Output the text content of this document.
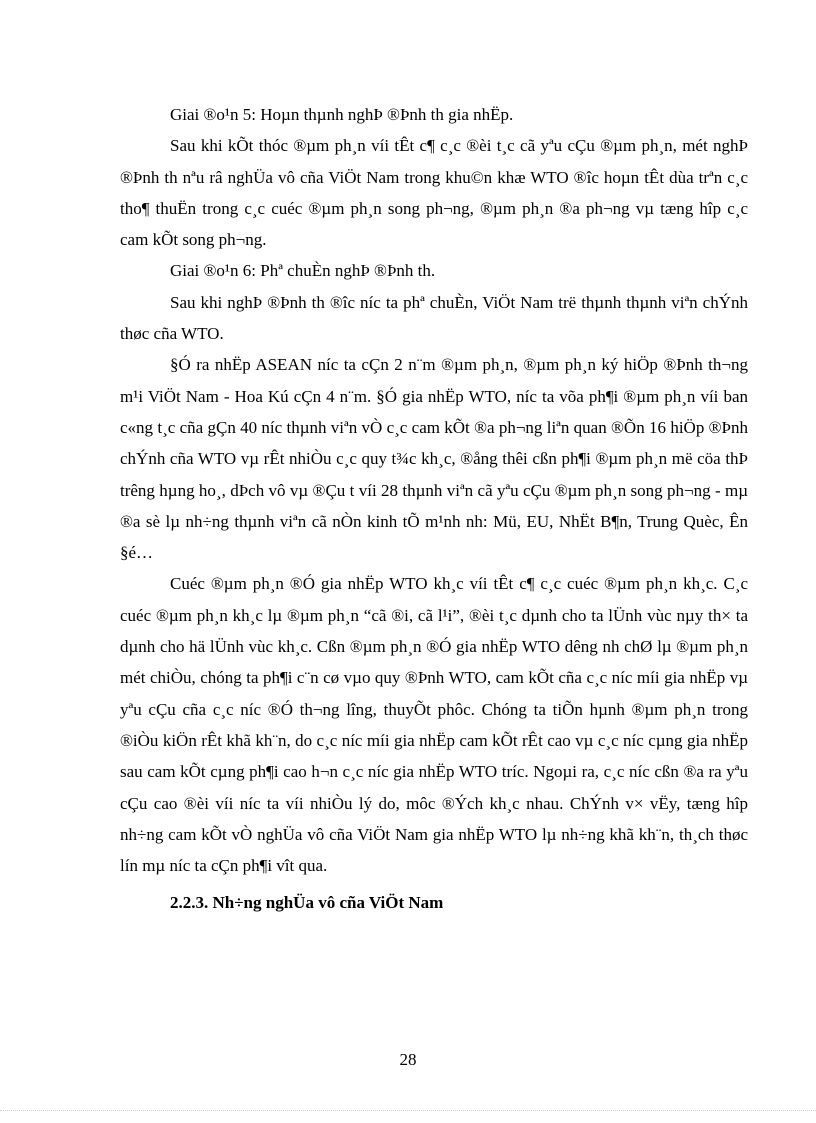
Giai ®o¹n 5: Hoµn thµnh nghÞ ®Þnh th gia nhËp.

Sau khi kÕt thóc ®µm ph¸n víi tÊt c¶ c¸c ®èi t¸c cã yªu cÇu ®µm ph¸n, mét nghÞ ®Þnh th nªu râ nghÜa vô cña ViÖt Nam trong khu©n khæ WTO ®îc hoµn tÊt dùa trªn c¸c tho¶ thuËn trong c¸c cuéc ®µm ph¸n song ph¬ng, ®µm ph¸n ®a ph¬ng vµ tæng hîp c¸c cam kÕt song ph¬ng.

Giai ®o¹n 6: Phª chuÈn nghÞ ®Þnh th.

Sau khi nghÞ ®Þnh th ®îc níc ta phª chuÈn, ViÖt Nam trë thµnh thµnh viªn chÝnh thøc cña WTO.

§Ó ra nhËp ASEAN níc ta cÇn 2 n¨m ®µm ph¸n, ®µm ph¸n ký hiÖp ®Þnh th¬ng m¹i ViÖt Nam - Hoa Kú cÇn 4 n¨m. §Ó gia nhËp WTO, níc ta võa ph¶i ®µm ph¸n víi ban c«ng t¸c cña gÇn 40 níc thµnh viªn vÒ c¸c cam kÕt ®a ph¬ng liªn quan ®Õn 16 hiÖp ®Þnh chÝnh cña WTO vµ rÊt nhiÒu c¸c quy t¾c kh¸c, ®ång thêi cßn ph¶i ®µm ph¸n më cöa thÞ trêng hµng ho¸, dÞch vô vµ ®Çu t víi 28 thµnh viªn cã yªu cÇu ®µm ph¸n song ph¬ng - mµ ®a sè lµ nh÷ng thµnh viªn cã nÒn kinh tÕ m¹nh nh: Mü, EU, NhËt B¶n, Trung Quèc, Ên §é…

Cuéc ®µm ph¸n ®Ó gia nhËp WTO kh¸c víi tÊt c¶ c¸c cuéc ®µm ph¸n kh¸c. C¸c cuéc ®µm ph¸n kh¸c lµ ®µm ph¸n “cã ®i, cã l¹i”, ®èi t¸c dµnh cho ta lÜnh vùc nµy th× ta dµnh cho hä lÜnh vùc kh¸c. Cßn ®µm ph¸n ®Ó gia nhËp WTO dêng nh chØ lµ ®µm ph¸n mét chiÒu, chóng ta ph¶i c¨n cø vµo quy ®Þnh WTO, cam kÕt cña c¸c níc míi gia nhËp vµ yªu cÇu cña c¸c níc ®Ó th¬ng lîng, thuyÕt phôc. Chóng ta tiÕn hµnh ®µm ph¸n trong ®iÒu kiÖn rÊt khã kh¨n, do c¸c níc míi gia nhËp cam kÕt rÊt cao vµ c¸c níc cµng gia nhËp sau cam kÕt cµng ph¶i cao h¬n c¸c níc gia nhËp WTO tríc. Ngoµi ra, c¸c níc cßn ®a ra yªu cÇu cao ®èi víi níc ta víi nhiÒu lý do, môc ®Ých kh¸c nhau. ChÝnh v× vËy, tæng hîp nh÷ng cam kÕt vÒ nghÜa vô cña ViÖt Nam gia nhËp WTO lµ nh÷ng khã kh¨n, th¸ch thøc lín mµ níc ta cÇn ph¶i vît qua.

2.2.3. Nh÷ng nghÜa vô cña ViÖt Nam

28
